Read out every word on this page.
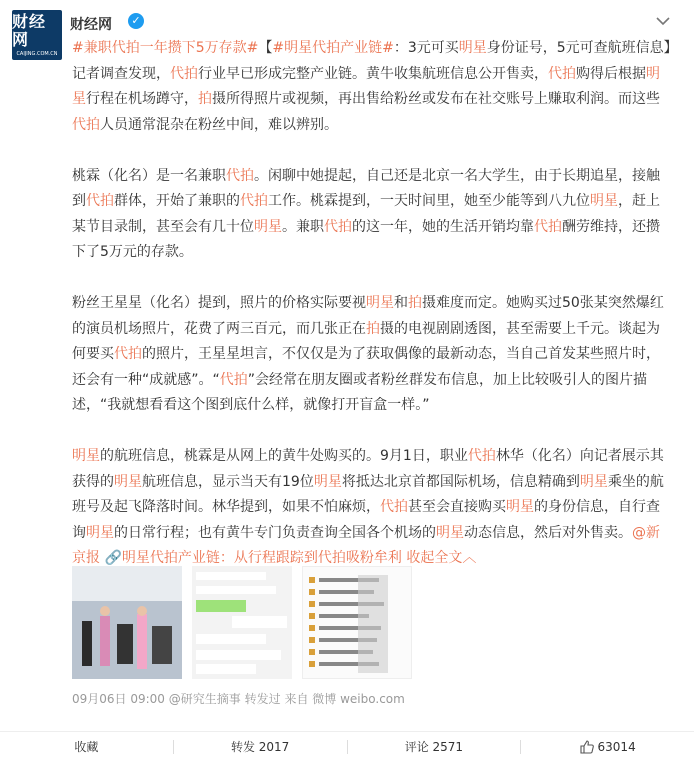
财经网
CAIJING.COM.CN
财经网	✓

#兼职代拍一年攒下5万存款#【#明星代拍产业链#：3元可买明星身份证号，5元可查航班信息】记者调查发现，代拍行业早已形成完整产业链。黄牛收集航班信息公开售卖，代拍购得后根据明星行程在机场蹲守，拍摄所得照片或视频，再出售给粉丝或发布在社交账号上赚取利润。而这些代拍人员通常混杂在粉丝中间，难以辨别。

桃霖（化名）是一名兼职代拍。闲聊中她提起，自己还是北京一名大学生，由于长期追星，接触到代拍群体，开始了兼职的代拍工作。桃霖提到，一天时间里，她至少能等到八九位明星，赶上某节目录制，甚至会有几十位明星。兼职代拍的这一年，她的生活开销均靠代拍酬劳维持，还攒下了5万元的存款。

粉丝王星星（化名）提到，照片的价格实际要视明星和拍摄难度而定。她购买过50张某突然爆红的演员机场照片，花费了两三百元，而几张正在拍摄的电视剧剧透图，甚至需要上千元。谈起为何要买代拍的照片，王星星坦言，不仅仅是为了获取偶像的最新动态，当自己首发某些照片时，还会有一种“成就感”。“代拍”会经常在朋友圈或者粉丝群发布信息，加上比较吸引人的图片描述，“我就想看看这个图到底什么样，就像打开盲盒一样。”

明星的航班信息，桃霖是从网上的黄牛处购买的。9月1日，职业代拍林华（化名）向记者展示其获得的明星航班信息，显示当天有19位明星将抵达北京首都国际机场，信息精确到明星乘坐的航班号及起飞降落时间。林华提到，如果不怕麻烦，代拍甚至会直接购买明星的身份信息，自行查询明星的日常行程；也有黄牛专门负责查询全国各个机场的明星动态信息，然后对外售卖。@新京报 🔗明星代拍产业链：从行程跟踪到代拍吸粉牟利 收起全文︿

09月06日 09:00 @研究生摘事 转发过 来自 微博 weibo.com
收藏	转发 2017	评论 2571	63014
